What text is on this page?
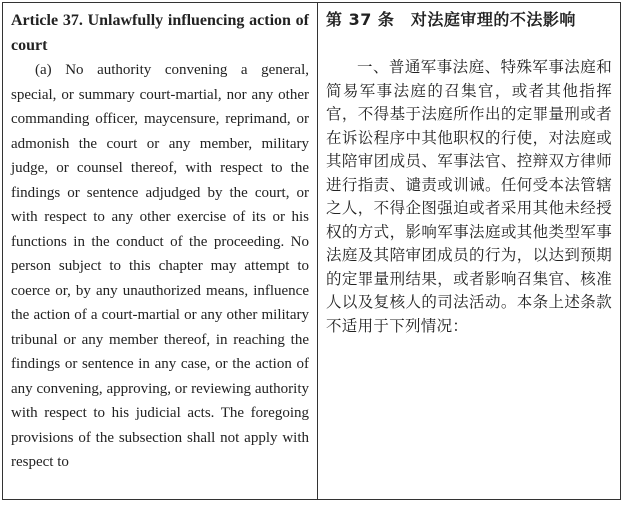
Article 37. Unlawfully influencing action of court

(a) No authority convening a general, special, or summary court-martial, nor any other commanding officer, maycensure, reprimand, or admonish the court or any member, military judge, or counsel thereof, with respect to the findings or sentence adjudged by the court, or with respect to any other exercise of its or his functions in the conduct of the proceeding. No person subject to this chapter may attempt to coerce or, by any unauthorized means, influence the action of a court-martial or any other military tribunal or any member thereof, in reaching the findings or sentence in any case, or the action of any convening, approving, or reviewing authority with respect to his judicial acts. The foregoing provisions of the subsection shall not apply with respect to

第 37 条　对法庭审理的不法影响

一、普通军事法庭、特殊军事法庭和简易军事法庭的召集官，或者其他指挥官，不得基于法庭所作出的定罪量刑或者在诉讼程序中其他职权的行使，对法庭或其陪审团成员、军事法官、控辩双方律师进行指责、谴责或训诫。任何受本法管辖之人，不得企图强迫或者采用其他未经授权的方式，影响军事法庭或其他类型军事法庭及其陪审团成员的行为，以达到预期的定罪量刑结果，或者影响召集官、核准人以及复核人的司法活动。本条上述条款不适用于下列情况：
